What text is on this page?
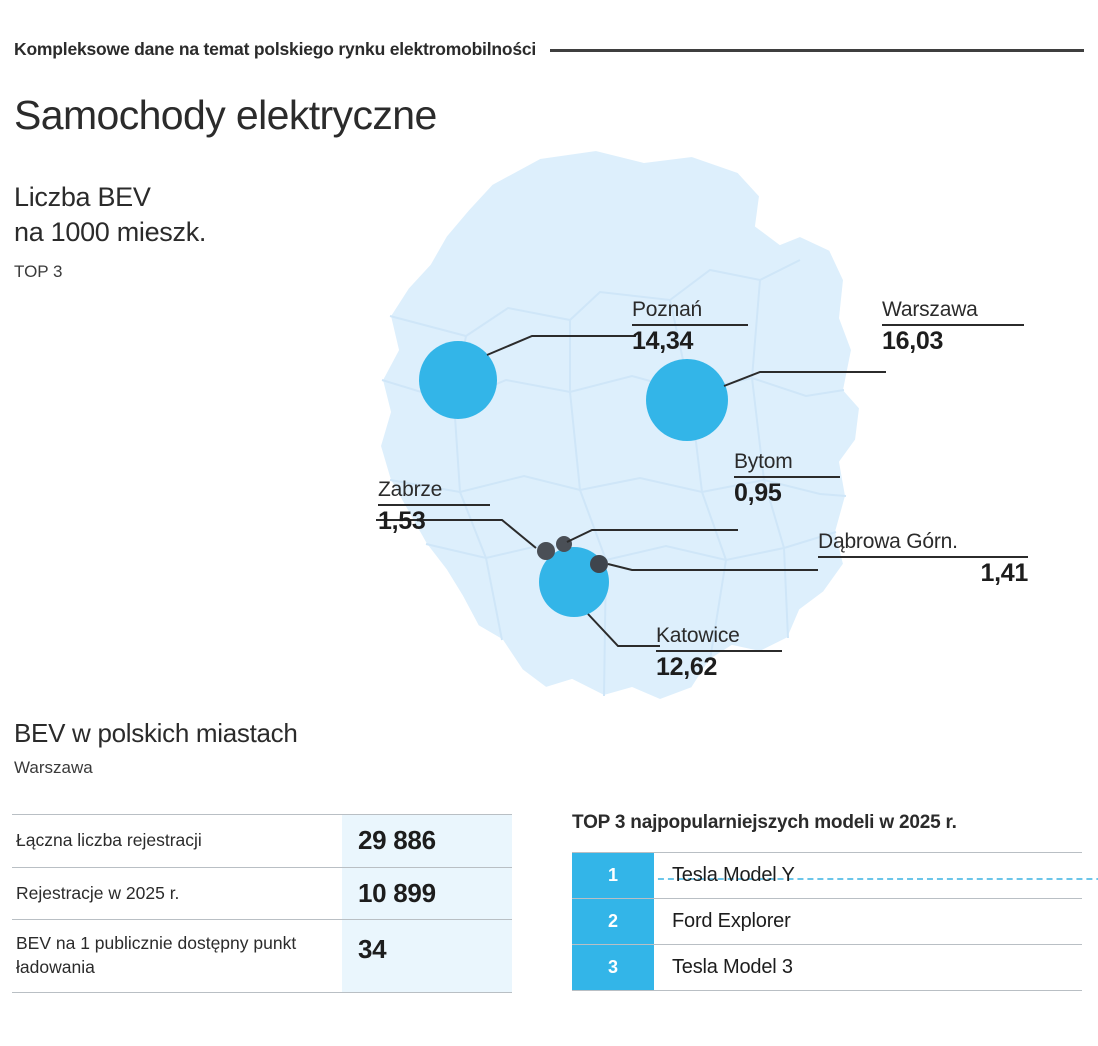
Kompleksowe dane na temat polskiego rynku elektromobilności
Samochody elektryczne
Liczba BEV
na 1000 mieszk.
TOP 3
Poznań
14,34
Warszawa
16,03
Bytom
0,95
Zabrze
1,53
Dąbrowa Górn.
1,41
Katowice
12,62
BEV w polskich miastach
Warszawa
Łączna liczba rejestracji	29 886
Rejestracje w 2025 r.	10 899
BEV na 1 publicznie dostępny punkt ładowania	34
TOP 3 najpopularniejszych modeli w 2025 r.
1	Tesla Model Y
2	Ford Explorer
3	Tesla Model 3
